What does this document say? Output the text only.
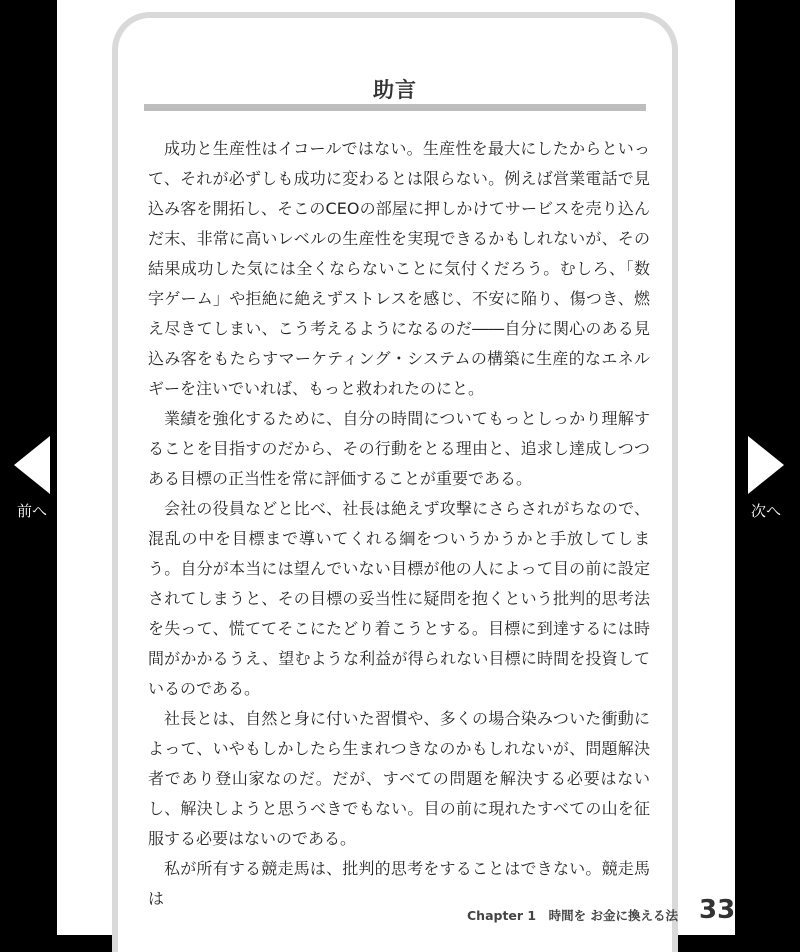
助言

成功と生産性はイコールではない。生産性を最大にしたからといって、それが必ずしも成功に変わるとは限らない。例えば営業電話で見込み客を開拓し、そこのCEOの部屋に押しかけてサービスを売り込んだ末、非常に高いレベルの生産性を実現できるかもしれないが、その結果成功した気には全くならないことに気付くだろう。むしろ、「数字ゲーム」や拒絶に絶えずストレスを感じ、不安に陥り、傷つき、燃え尽きてしまい、こう考えるようになるのだ――自分に関心のある見込み客をもたらすマーケティング・システムの構築に生産的なエネルギーを注いでいれば、もっと救われたのにと。

業績を強化するために、自分の時間についてもっとしっかり理解することを目指すのだから、その行動をとる理由と、追求し達成しつつある目標の正当性を常に評価することが重要である。

会社の役員などと比べ、社長は絶えず攻撃にさらされがちなので、混乱の中を目標まで導いてくれる綱をついうかうかと手放してしまう。自分が本当には望んでいない目標が他の人によって目の前に設定されてしまうと、その目標の妥当性に疑問を抱くという批判的思考法を失って、慌ててそこにたどり着こうとする。目標に到達するには時間がかかるうえ、望むような利益が得られない目標に時間を投資しているのである。

社長とは、自然と身に付いた習慣や、多くの場合染みついた衝動によって、いやもしかしたら生まれつきなのかもしれないが、問題解決者であり登山家なのだ。だが、すべての問題を解決する必要はないし、解決しようと思うべきでもない。目の前に現れたすべての山を征服する必要はないのである。

私が所有する競走馬は、批判的思考をすることはできない。競走馬は

Chapter 1　時間を お金に換える法 33
前へ	次へ
